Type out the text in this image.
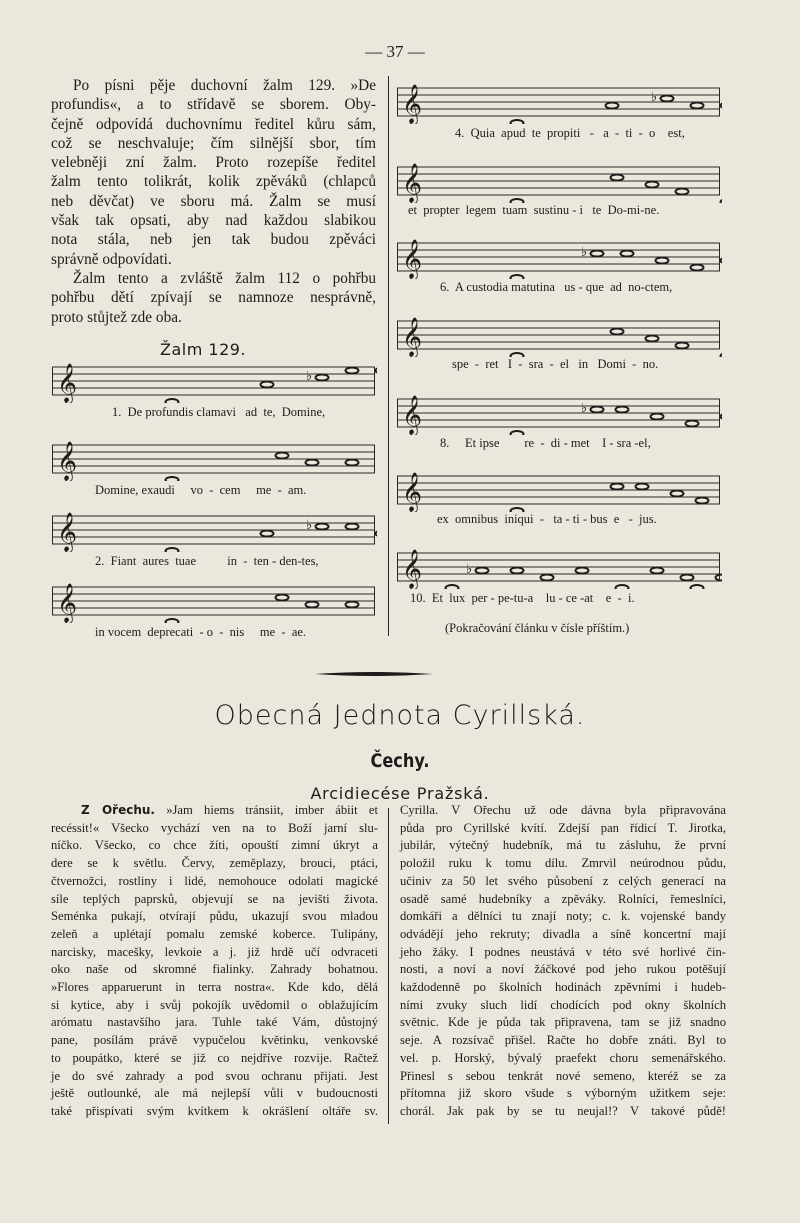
— 37 —
Po písni pěje duchovní žalm 129. »De
profundis«, a to střídavě se sborem. Oby-
čejně odpovídá duchovnímu ředitel kůru sám,
což se neschvaluje; čím silnější sbor, tím
velebněji zní žalm. Proto rozepíše ředitel
žalm tento tolikrát, kolik zpěváků (chlapců
neb děvčat) ve sboru má. Žalm se musí
však tak opsati, aby nad každou slabikou
nota stála, neb jen tak budou zpěváci
správně odpovídati.
Žalm tento a zvláště žalm 112 o pohřbu
pohřbu dětí zpívají se namnoze nesprávně,
proto stůjtež zde oba.
Žalm 129.
𝄞	♭
1.  De profundis clamavi   ad  te,  Domine,
𝄞
Domine, exaudi     vo  -  cem     me  -  am.
𝄞	♭
2.  Fiant  aures  tuae          in  -  ten - den-tes,
𝄞
in vocem  deprecati  - o  -  nis     me  -  ae.
𝄞	♭
4.  Quia  apud  te  propiti   -   a  -  ti  -  o    est,
𝄞
et  propter  legem  tuam  sustinu - i   te  Do-mi-ne.
𝄞	♭
6.  A custodia matutina   us - que  ad  no-ctem,
𝄞
spe  -  ret   I  -  sra  -  el   in   Domi  -  no.
𝄞	♭
8.     Et ipse        re  -  di - met    I - sra -el,
𝄞
ex  omnibus  iniqui  -   ta - ti - bus  e   -  jus.
𝄞	♭
10.  Et  lux  per - pe-tu-a    lu - ce -at    e  -  i.
(Pokračování článku v čísle příštím.)
Obecná Jednota Cyrillská.
Čechy.
Arcidiecése Pražská.
Z Ořechu. »Jam hiems tránsiit, imber ábiit et
recéssit!« Všecko vychází ven na to Boží jarní slu-
níčko. Všecko, co chce žíti, opouští zimní úkryt a
dere se k světlu. Červy, zeměplazy, brouci, ptáci,
čtvernožci, rostliny i lidé, nemohouce odolati magické
síle teplých paprsků, objevují se na jevišti života.
Seménka pukají, otvírají půdu, ukazují svou mladou
zeleň a uplétají pomalu zemské koberce. Tulipány,
narcisky, macešky, levkoie a j. již hrdě učí odvraceti
oko naše od skromné fialinky. Zahrady bohatnou.
»Flores apparuerunt in terra nostra«. Kde kdo, dělá
si kytice, aby i svůj pokojík uvědomil o oblažujícím
arómatu nastavšího jara. Tuhle také Vám, důstojný
pane, posílám právě vypučelou květinku, venkovské
to poupátko, které se již co nejdříve rozvije. Račtež
je do své zahrady a pod svou ochranu přijati. Jest
ještě outlounké, ale má nejlepší vůli v budoucnosti
také přispívati svým kvítkem k okrášlení oltáře sv.
Cyrilla. V Ořechu už ode dávna byla připravována
půda pro Cyrillské kvítí. Zdejší pan řídicí T. Jirotka,
jubilár, výtečný hudebník, má tu zásluhu, že první
položil ruku k tomu dílu. Zmrvil neúrodnou půdu,
učiniv za 50 let svého působení z celých generací na
osadě samé hudebníky a zpěváky. Rolníci, řemeslníci,
domkáři a dělníci tu znají noty; c. k. vojenské bandy
odvádějí jeho rekruty; divadla a síně koncertní mají
jeho žáky. I podnes neustává v této své horlivé čin-
nosti, a noví a noví žáčkové pod jeho rukou potěšují
každodenně po školních hodinách zpěvními i hudeb-
ními zvuky sluch lidí chodících pod okny školních
světnic. Kde je půda tak připravena, tam se již snadno
seje. A rozsívač přišel. Račte ho dobře znáti. Byl to
vel. p. Horský, bývalý praefekt choru semenářského.
Přinesl s sebou tenkrát nové semeno, kteréž se za
přítomna již skoro všude s výborným užitkem seje:
chorál. Jak pak by se tu neujal!? V takové půdě!
